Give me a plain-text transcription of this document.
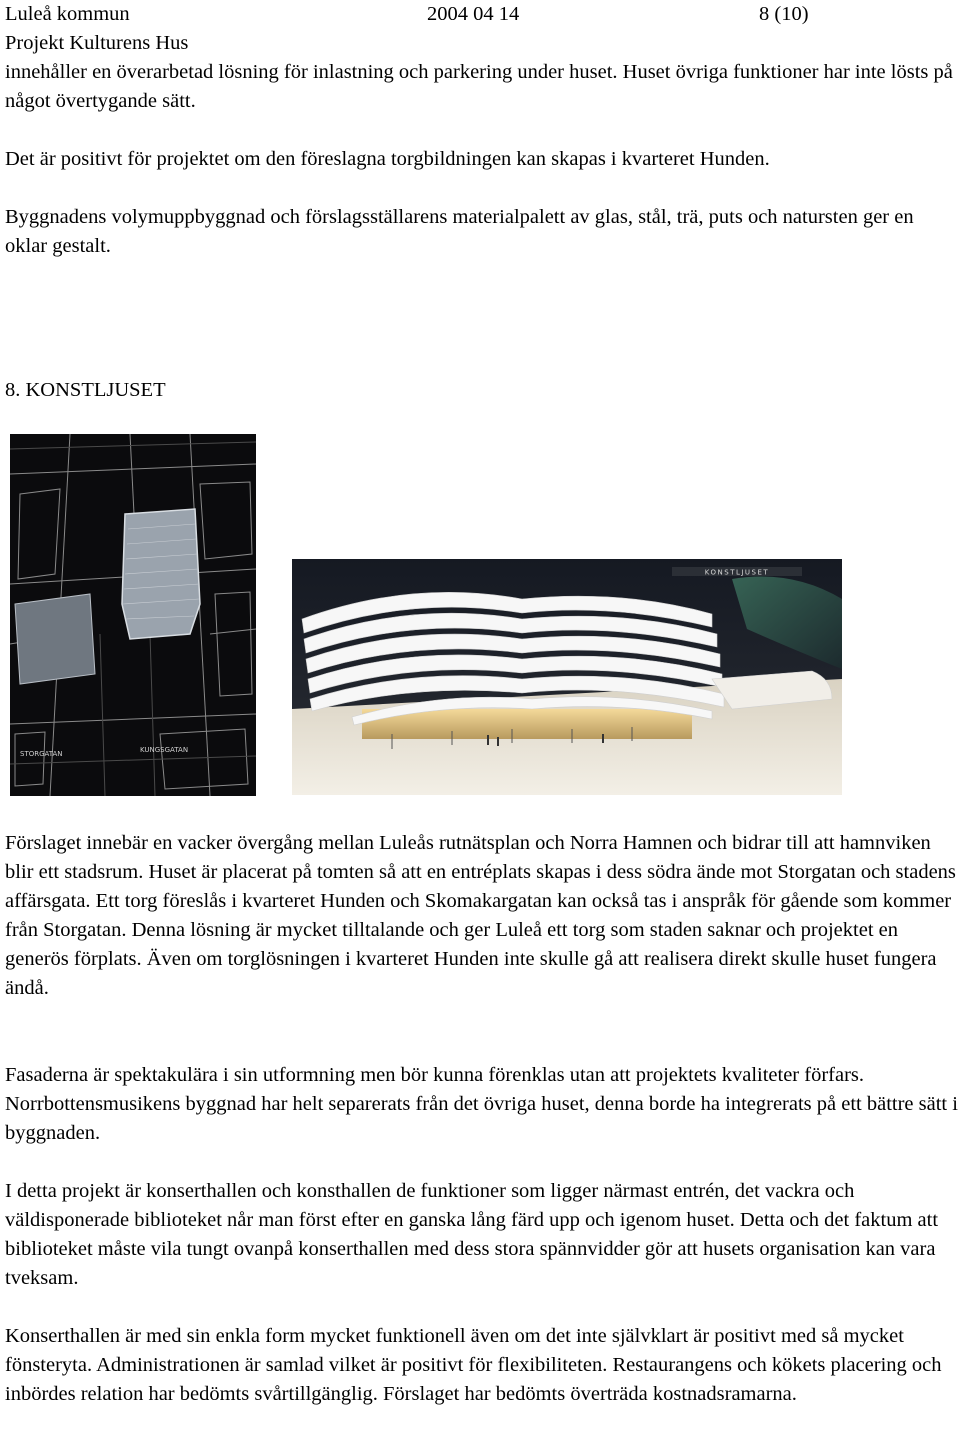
Luleå kommun	2004 04 14	8 (10)
Projekt Kulturens Hus

innehåller en överarbetad lösning för inlastning och parkering under huset. Huset övriga funktioner har inte lösts på något övertygande sätt.

Det är positivt för projektet om den föreslagna torgbildningen kan skapas i kvarteret Hunden.

Byggnadens volymuppbyggnad och förslagsställarens materialpalett av glas, stål, trä, puts och natursten ger en oklar gestalt.

8. KONSTLJUSET
STORGATAN	KUNGSGATAN
KONSTLJUSET

Förslaget innebär en vacker övergång mellan Luleås rutnätsplan och Norra Hamnen och bidrar till att hamnviken blir ett stadsrum. Huset är placerat på tomten så att en entréplats skapas i dess södra ände mot Storgatan och stadens affärsgata. Ett torg föreslås i kvarteret Hunden och Skomakargatan kan också tas i anspråk för gående som kommer från Storgatan. Denna lösning är mycket tilltalande och ger Luleå ett torg som staden saknar och projektet en generös förplats. Även om torglösningen i kvarteret Hunden inte skulle gå att realisera direkt skulle huset fungera ändå.

Fasaderna är spektakulära i sin utformning men bör kunna förenklas utan att projektets kvaliteter förfars. Norrbottensmusikens byggnad har helt separerats från det övriga huset, denna borde ha integrerats på ett bättre sätt i byggnaden.

I detta projekt är konserthallen och konsthallen de funktioner som ligger närmast entrén, det vackra och väldisponerade biblioteket når man först efter en ganska lång färd upp och igenom huset. Detta och det faktum att biblioteket måste vila tungt ovanpå konserthallen med dess stora spännvidder gör att husets organisation kan vara tveksam.

Konserthallen är med sin enkla form mycket funktionell även om det inte självklart är positivt med så mycket fönsteryta. Administrationen är samlad vilket är positivt för flexibiliteten. Restaurangens och kökets placering och inbördes relation har bedömts svårtillgänglig. Förslaget har bedömts överträda kostnadsramarna.
